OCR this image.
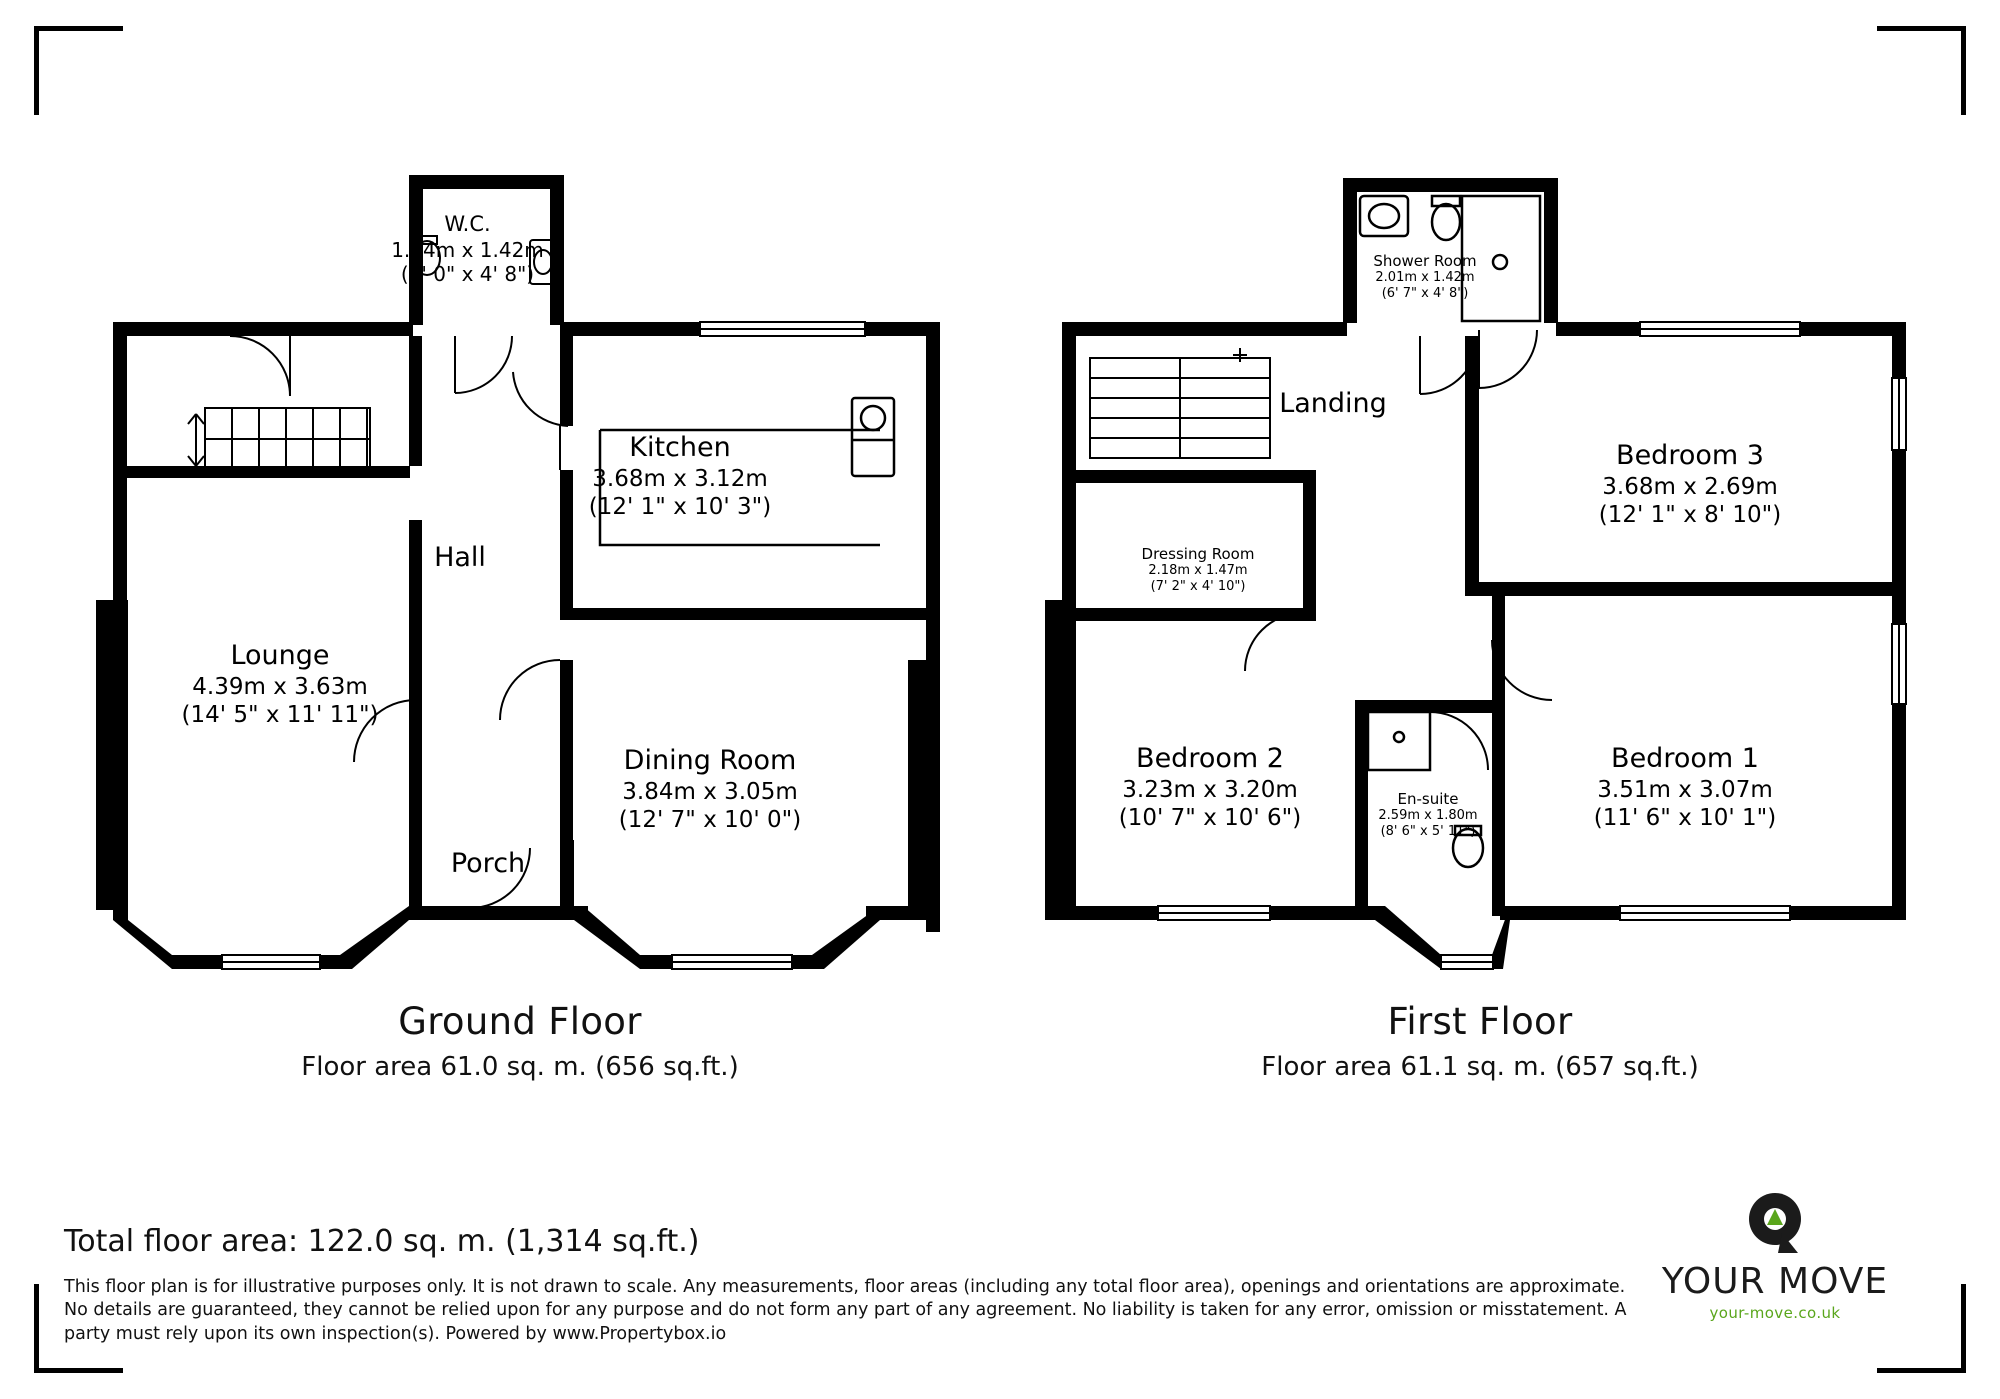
W.C.
1.54m x 1.42m
(5' 0" x 4' 8")
Kitchen
3.68m x 3.12m
(12' 1" x 10' 3")
Hall
Lounge
4.39m x 3.63m
(14' 5" x 11' 11")
Dining Room
3.84m x 3.05m
(12' 7" x 10' 0")
Porch
Shower Room
2.01m x 1.42m
(6' 7" x 4' 8")
Landing
Bedroom 3
3.68m x 2.69m
(12' 1" x 8' 10")
Dressing Room
2.18m x 1.47m
(7' 2" x 4' 10")
Bedroom 2
3.23m x 3.20m
(10' 7" x 10' 6")
En-suite
2.59m x 1.80m
(8' 6" x 5' 11")
Bedroom 1
3.51m x 3.07m
(11' 6" x 10' 1")
Ground Floor
Floor area 61.0 sq. m. (656 sq.ft.)
First Floor
Floor area 61.1 sq. m. (657 sq.ft.)
Total floor area: 122.0 sq. m. (1,314 sq.ft.)
This floor plan is for illustrative purposes only. It is not drawn to scale. Any measurements, floor areas (including any total floor area), openings and orientations are approximate. No details are guaranteed, they cannot be relied upon for any purpose and do not form any part of any agreement. No liability is taken for any error, omission or misstatement. A party must rely upon its own inspection(s). Powered by www.Propertybox.io
YOUR MOVE
your-move.co.uk
